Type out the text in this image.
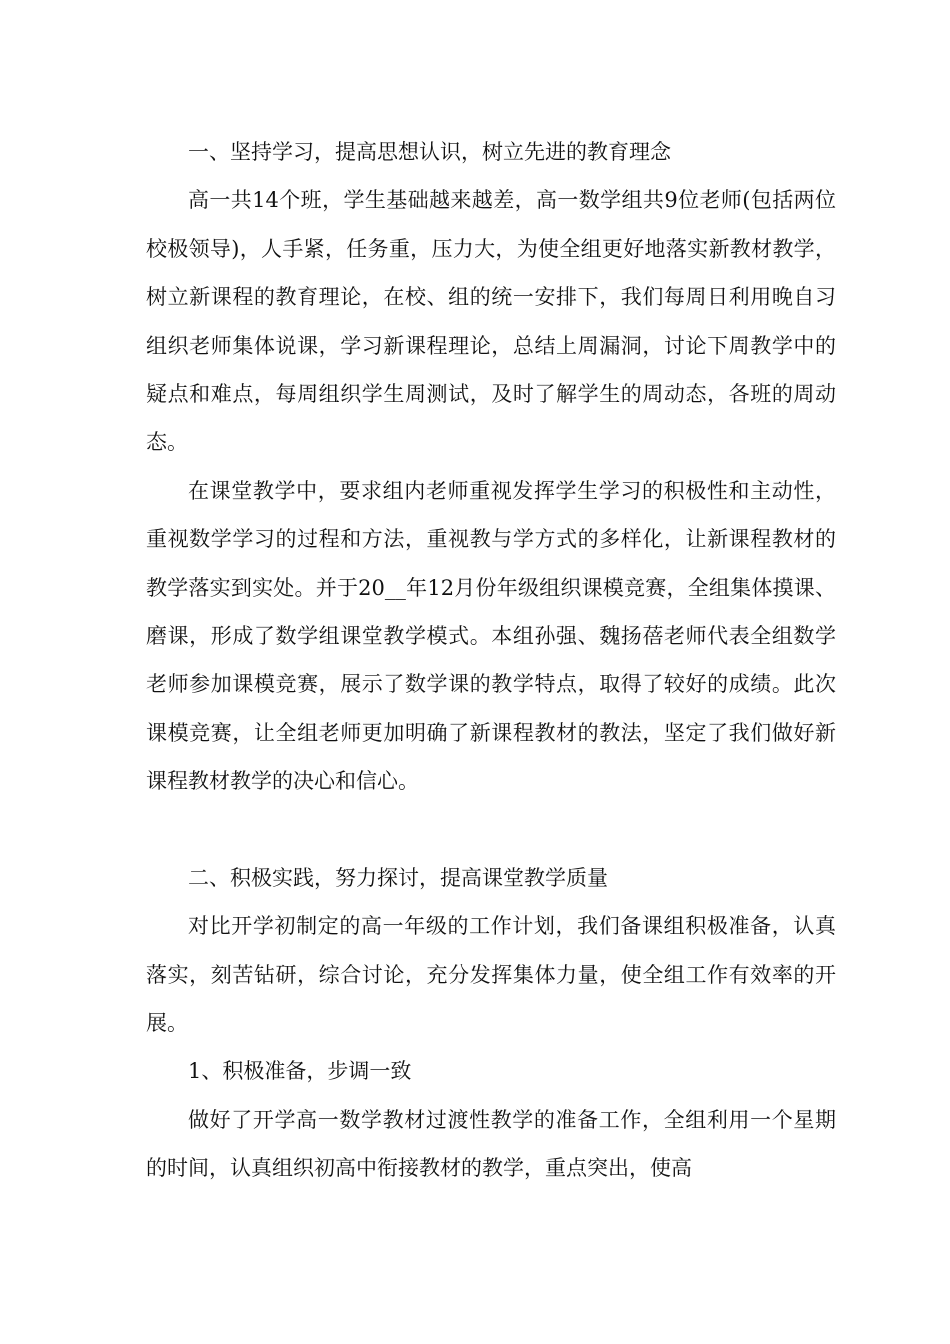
一、坚持学习，提高思想认识，树立先进的教育理念

高一共14个班，学生基础越来越差，高一数学组共9位老师(包括两位校极领导)，人手紧，任务重，压力大，为使全组更好地落实新教材教学，树立新课程的教育理论，在校、组的统一安排下，我们每周日利用晚自习组织老师集体说课，学习新课程理论，总结上周漏洞，讨论下周教学中的疑点和难点，每周组织学生周测试，及时了解学生的周动态，各班的周动态。

在课堂教学中，要求组内老师重视发挥学生学习的积极性和主动性，重视数学学习的过程和方法，重视教与学方式的多样化，让新课程教材的教学落实到实处。并于20__年12月份年级组织课模竞赛，全组集体摸课、磨课，形成了数学组课堂教学模式。本组孙强、魏扬蓓老师代表全组数学老师参加课模竞赛，展示了数学课的教学特点，取得了较好的成绩。此次课模竞赛，让全组老师更加明确了新课程教材的教法，坚定了我们做好新课程教材教学的决心和信心。

二、积极实践，努力探讨，提高课堂教学质量

对比开学初制定的高一年级的工作计划，我们备课组积极准备，认真落实，刻苦钻研，综合讨论，充分发挥集体力量，使全组工作有效率的开展。

1、积极准备，步调一致

做好了开学高一数学教材过渡性教学的准备工作，全组利用一个星期的时间，认真组织初高中衔接教材的教学，重点突出，使高
